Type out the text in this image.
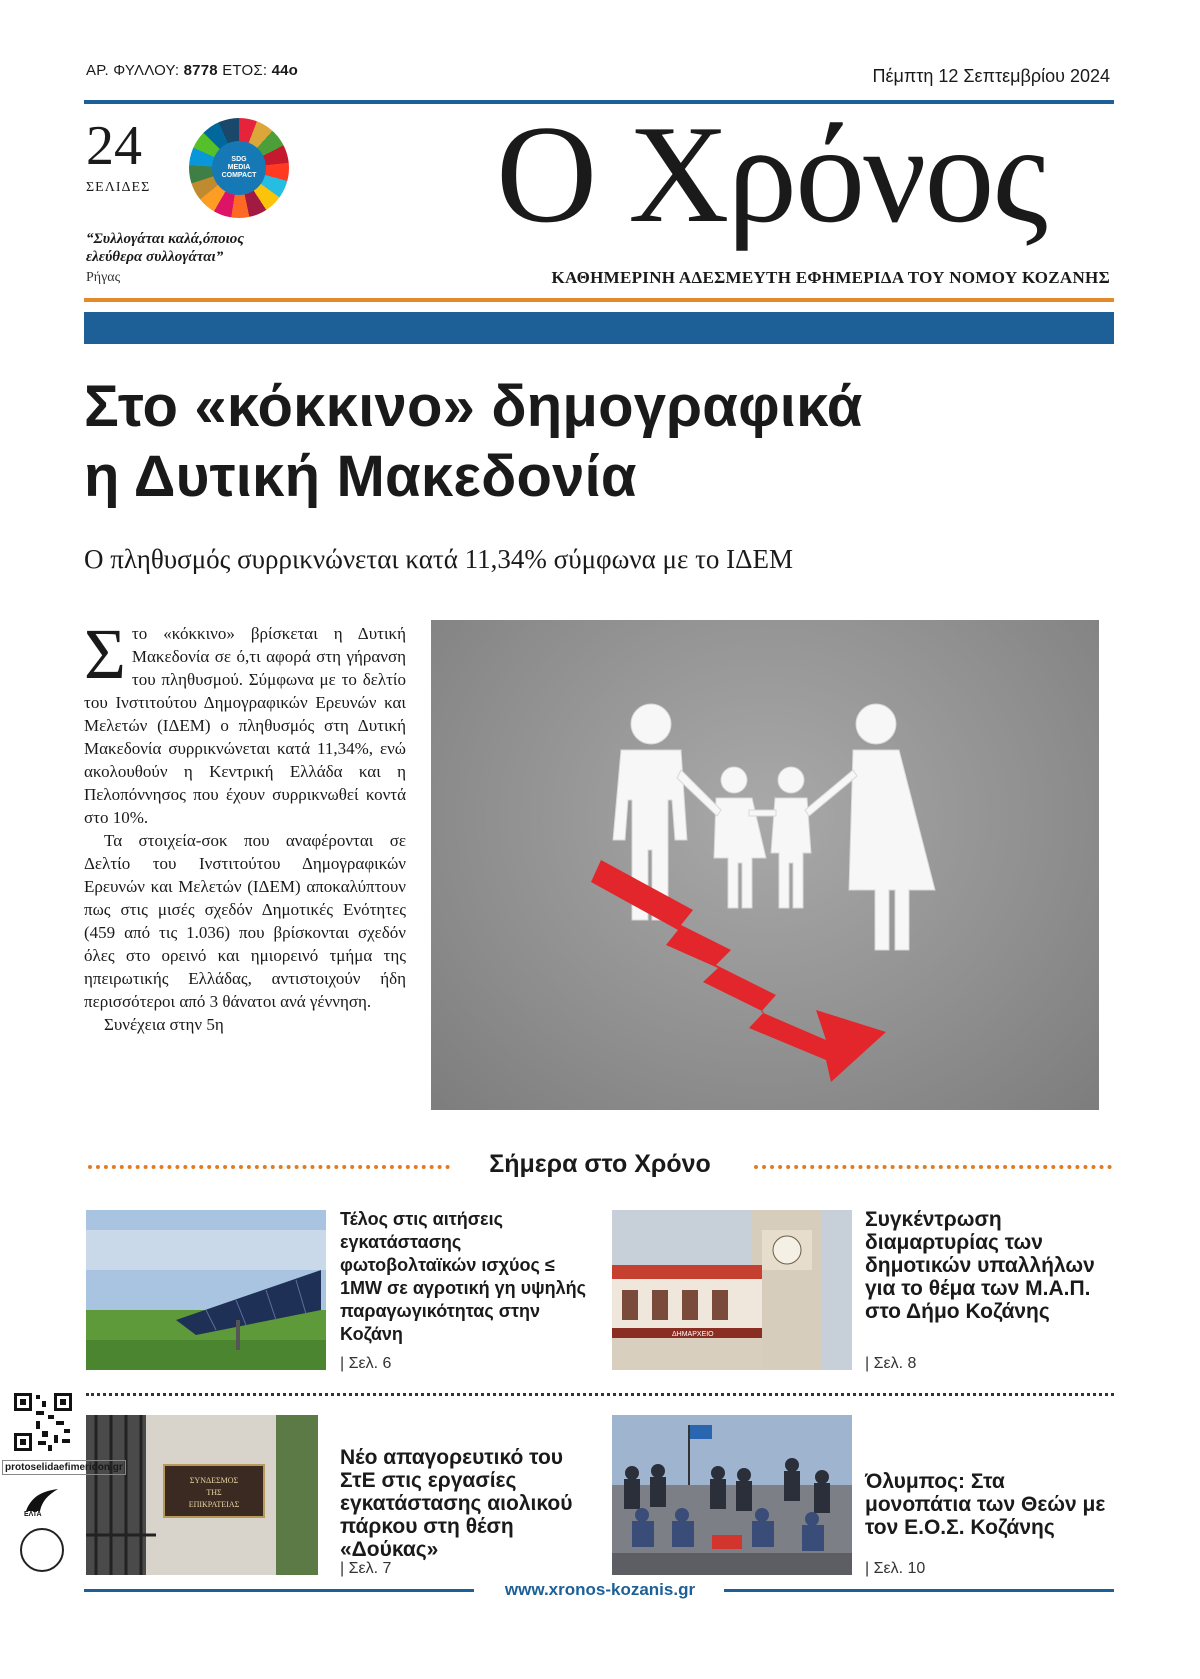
ΑΡ. ΦΥΛΛΟΥ: 8778 ΕΤΟΣ: 44ο	Πέμπτη 12 Σεπτεμβρίου 2024
24
ΣΕΛΙΔΕΣ
SDG
MEDIA
COMPACT
“Συλλογάται καλά,όποιος
ελεύθερα συλλογάται”
Ρήγας
Ο Χρόνος
ΚΑΘΗΜΕΡΙΝΗ ΑΔΕΣΜΕΥΤΗ ΕΦΗΜΕΡΙΔΑ ΤΟΥ ΝΟΜΟΥ ΚΟΖΑΝΗΣ
Στο «κόκκινο» δημογραφικά
η Δυτική Μακεδονία
Ο πληθυσμός συρρικνώνεται κατά 11,34% σύμφωνα με το ΙΔΕΜ

Στο «κόκκινο» βρίσκεται η Δυτική Μακεδονία σε ό,τι αφορά στη γήρανση του πληθυσμού. Σύμφωνα με το δελτίο του Ινστιτούτου Δημογραφικών Ερευνών και Μελετών (ΙΔΕΜ) ο πληθυσμός στη Δυτική Μακεδονία συρρικνώνεται κατά 11,34%, ενώ ακολουθούν η Κεντρική Ελλάδα και η Πελοπόννησος που έχουν συρρικνωθεί κοντά στο 10%.

Τα στοιχεία-σοκ που αναφέρονται σε Δελτίο του Ινστιτούτου Δημογραφικών Ερευνών και Μελετών (ΙΔΕΜ) αποκαλύπτουν πως στις μισές σχεδόν Δημοτικές Ενότητες (459 από τις 1.036) που βρίσκονται σχεδόν όλες στο ορεινό και ημιορεινό τμήμα της ηπειρωτικής Ελλάδας, αντιστοιχούν ήδη περισσότεροι από 3 θάνατοι ανά γέννηση.

Συνέχεια στην 5η

Σήμερα στο Χρόνο
Τέλος στις αιτήσεις εγκατάστασης φωτοβολταϊκών ισχύος ≤ 1MW σε αγροτική γη υψηλής παραγωγικότητας στην Κοζάνη
| Σελ. 6
ΔΗΜΑΡΧΕΙΟ
Συγκέντρωση διαμαρτυρίας των δημοτικών υπαλλήλων για το θέμα των Μ.Α.Π. στο Δήμο Κοζάνης
| Σελ. 8
ΣΥΝΔΕΣΜΟΣ
ΤΗΣ
ΕΠΙΚΡΑΤΕΙΑΣ
Νέο απαγορευτικό του ΣτΕ στις εργασίες εγκατάστασης αιολικού πάρκου στη θέση «Δούκας»
| Σελ. 7
Όλυμπος: Στα μονοπάτια των Θεών με τον Ε.Ο.Σ. Κοζάνης
| Σελ. 10
protoselidaefimeridon.gr
ΕΛΤΑ
www.xronos-kozanis.gr
